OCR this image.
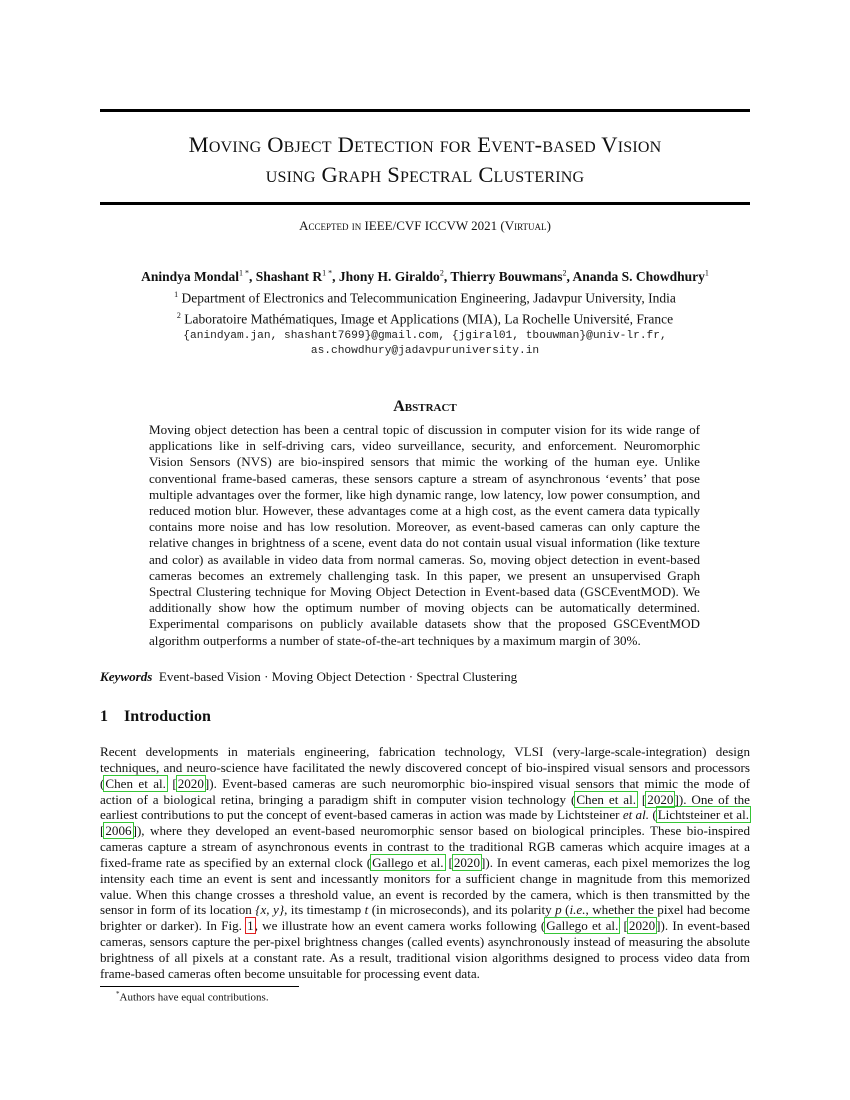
Moving Object Detection for Event-based Vision
using Graph Spectral Clustering
Accepted in IEEE/CVF ICCVW 2021 (Virtual)
Anindya Mondal$^{1 *}$, Shashant $R^{1 *}$, Jhony H. Giraldo$^2$, Thierry Bouwmans$^2$, Ananda S. Chowdhury$^1$
$^1$ Department of Electronics and Telecommunication Engineering, Jadavpur University, India
$^2$ Laboratoire Mathématiques, Image et Applications (MIA), La Rochelle Université, France
{anindyam.jan, shashant7699}@gmail.com, {jgiral01, tbouwman}@univ-lr.fr,
as.chowdhury@jadavpuruniversity.in
Abstract
Moving object detection has been a central topic of discussion in computer vision for its wide range of applications like in self-driving cars, video surveillance, security, and enforcement. Neuromorphic Vision Sensors (NVS) are bio-inspired sensors that mimic the working of the human eye. Unlike conventional frame-based cameras, these sensors capture a stream of asynchronous ‘events’ that pose multiple advantages over the former, like high dynamic range, low latency, low power consumption, and reduced motion blur. However, these advantages come at a high cost, as the event camera data typically contains more noise and has low resolution. Moreover, as event-based cameras can only capture the relative changes in brightness of a scene, event data do not contain usual visual information (like texture and color) as available in video data from normal cameras. So, moving object detection in event-based cameras becomes an extremely challenging task. In this paper, we present an unsupervised Graph Spectral Clustering technique for Moving Object Detection in Event-based data (GSCEventMOD). We additionally show how the optimum number of moving objects can be automatically determined. Experimental comparisons on publicly available datasets show that the proposed GSCEventMOD algorithm outperforms a number of state-of-the-art techniques by a maximum margin of 30%.
Keywords Event-based Vision · Moving Object Detection · Spectral Clustering
1 Introduction
Recent developments in materials engineering, fabrication technology, VLSI (very-large-scale-integration) design techniques, and neuro-science have facilitated the newly discovered concept of bio-inspired visual sensors and processors (Chen et al. [2020]). Event-based cameras are such neuromorphic bio-inspired visual sensors that mimic the mode of action of a biological retina, bringing a paradigm shift in computer vision technology (Chen et al. [2020]). One of the earliest contributions to put the concept of event-based cameras in action was made by Lichtsteiner et al. (Lichtsteiner et al. [2006]), where they developed an event-based neuromorphic sensor based on biological principles. These bio-inspired cameras capture a stream of asynchronous events in contrast to the traditional RGB cameras which acquire images at a fixed-frame rate as specified by an external clock (Gallego et al. [2020]). In event cameras, each pixel memorizes the log intensity each time an event is sent and incessantly monitors for a sufficient change in magnitude from this memorized value. When this change crosses a threshold value, an event is recorded by the camera, which is then transmitted by the sensor in form of its location {x, y}, its timestamp t (in microseconds), and its polarity p (i.e., whether the pixel had become brighter or darker). In Fig. 1, we illustrate how an event camera works following (Gallego et al. [2020]). In event-based cameras, sensors capture the per-pixel brightness changes (called events) asynchronously instead of measuring the absolute brightness of all pixels at a constant rate. As a result, traditional vision algorithms designed to process video data from frame-based cameras often become unsuitable for processing event data.
*Authors have equal contributions.
